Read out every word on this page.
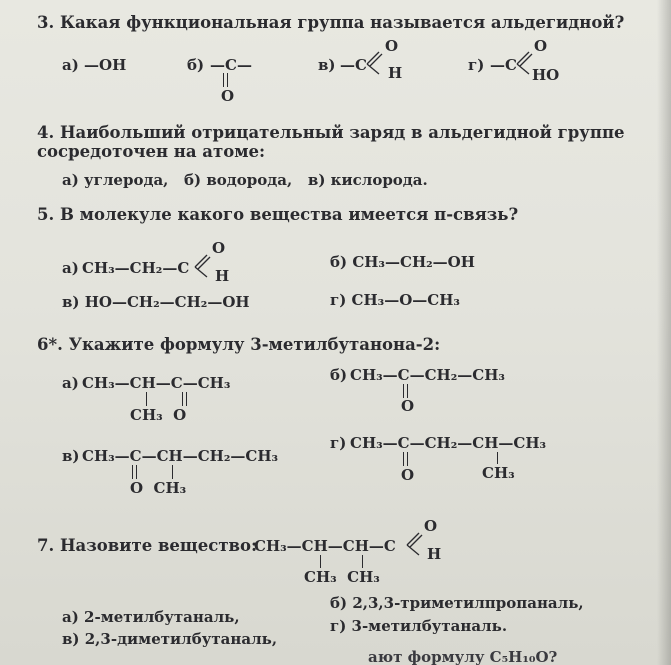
3. Какая функциональная группа называется альдегидной?
а) —OH	б) —C—
O
в) —C
O
H	г) —C
O
HO
4. Наибольший отрицательный заряд в альдегидной группе
сосредоточен на атоме:
а) углерода,   б) водорода,   в) кислорода.
5. В молекуле какого вещества имеется π-связь?
а) CH₃—CH₂—C
O
H
б) CH₃—CH₂—OH
в) HO—CH₂—CH₂—OH	г) CH₃—O—CH₃
6*. Укажите формулу 3-метилбутанона-2:
а) CH₃—CH—C—CH₃
CH₃  O
б) CH₃—C—CH₂—CH₃
O
в) CH₃—C—CH—CH₂—CH₃
O  CH₃
г) CH₃—C—CH₂—CH—CH₃
O	CH₃
7. Назовите вещество:
CH₃—CH—CH—C
O
H
CH₃  CH₃
а) 2-метилбутаналь,
б) 2,3,3-триметилпропаналь,
в) 2,3-диметилбутаналь,
г) 3-метилбутаналь.
ают формулу C₅H₁₀O?
